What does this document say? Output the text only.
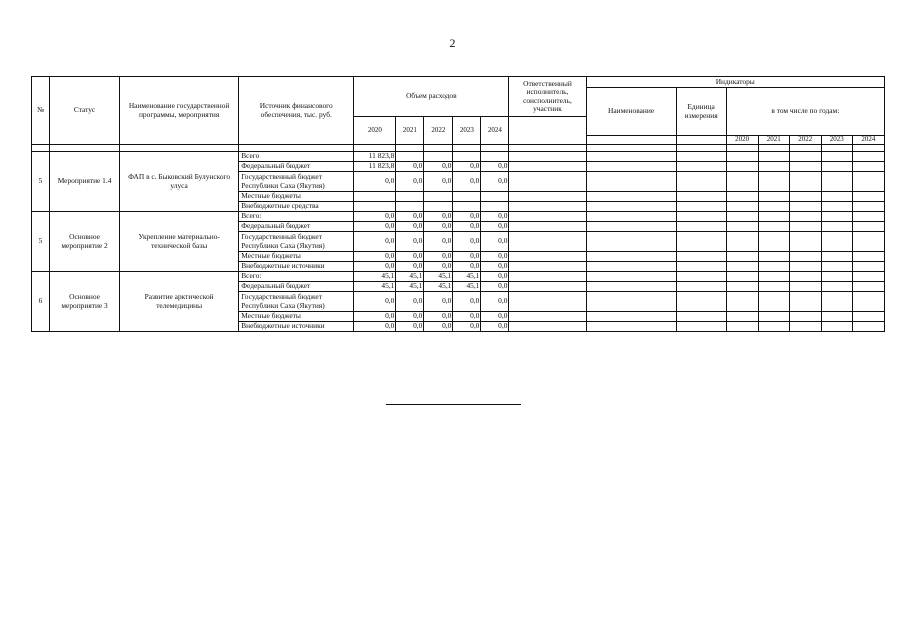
2
№	Статус	Наименование государственной программы, мероприятия	Источник финансового обеспечения, тыс. руб.	Объем расходов					Ответственный исполнитель, соисполнитель, участник	Индикаторы						
										Наименование	Единица измерения	в том числе по годам:				
				2020	2021	2022	2023	2024								
												2020	2021	2022	2023	2024

5	Мероприятие 1.4	ФАП в с. Быковский Булунского улуса	Всего	11 823,8												
			Федеральный бюджет	11 823,8	0,0	0,0	0,0	0,0								
			Государственный бюджет Республики Саха (Якутия)	0,0	0,0	0,0	0,0	0,0								
			Местные бюджеты													
			Внебюджетные средства													
5	Основное мероприятие 2	Укрепление материально-технической базы	Всего:	0,0	0,0	0,0	0,0	0,0								
			Федеральный бюджет	0,0	0,0	0,0	0,0	0,0								
			Государственный бюджет Республики Саха (Якутия)	0,0	0,0	0,0	0,0	0,0								
			Местные бюджеты	0,0	0,0	0,0	0,0	0,0								
			Внебюджетные источники	0,0	0,0	0,0	0,0	0,0								
6	Основное мероприятие 3	Развитие арктической телемедицины	Всего:	45,1	45,1	45,1	45,1	0,0								
			Федеральный бюджет	45,1	45,1	45,1	45,1	0,0								
			Государственный бюджет Республики Саха (Якутия)	0,0	0,0	0,0	0,0	0,0								
			Местные бюджеты	0,0	0,0	0,0	0,0	0,0								
			Внебюджетные источники	0,0	0,0	0,0	0,0	0,0								
